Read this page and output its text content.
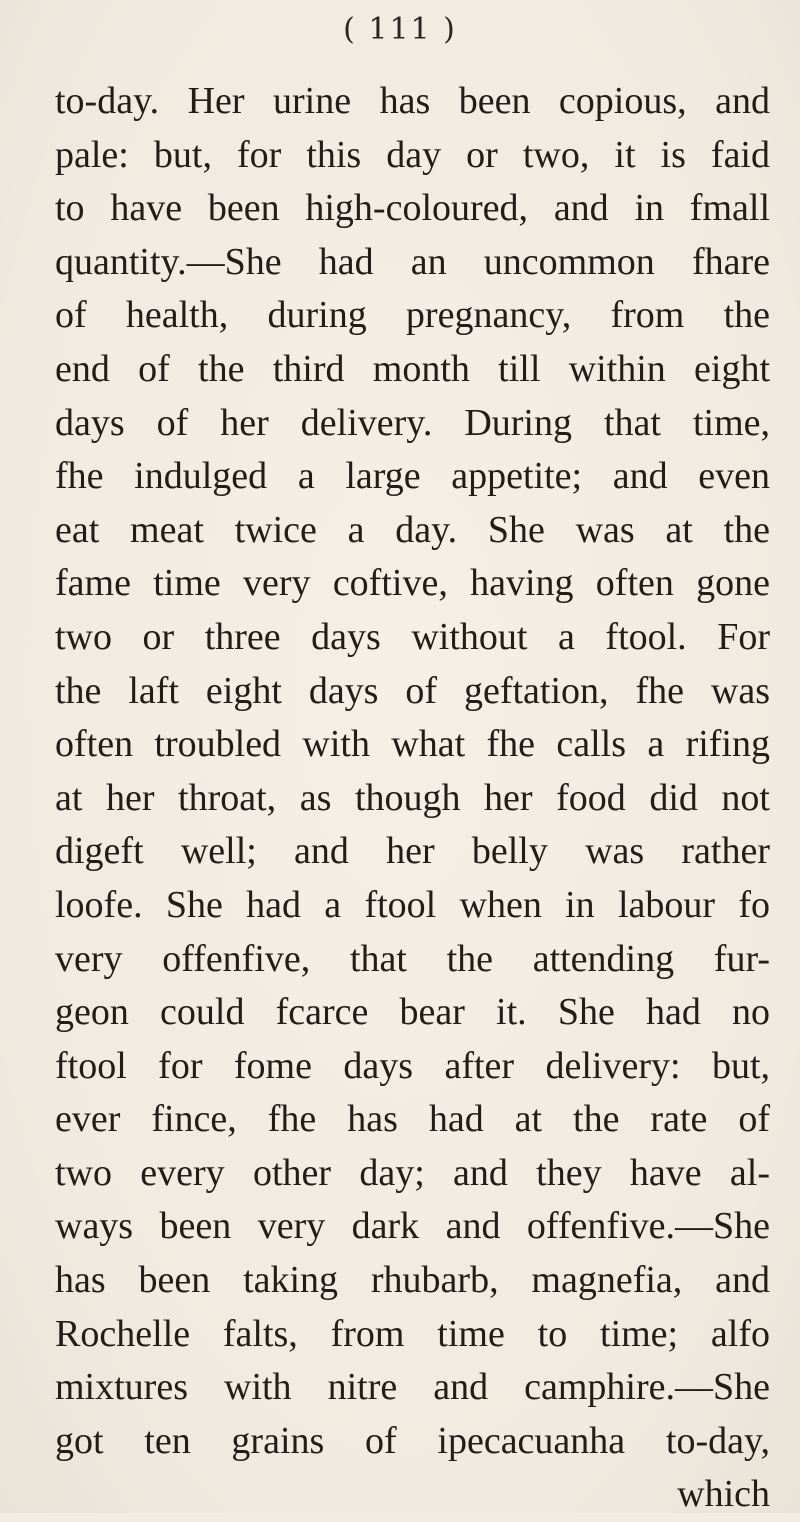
( 111 )
to-day. Her urine has been copious, and
pale: but, for this day or two, it is faid
to have been high-coloured, and in fmall
quantity.—She had an uncommon fhare
of health, during pregnancy, from the
end of the third month till within eight
days of her delivery. During that time,
fhe indulged a large appetite; and even
eat meat twice a day. She was at the
fame time very coftive, having often gone
two or three days without a ftool. For
the laft eight days of geftation, fhe was
often troubled with what fhe calls a rifing
at her throat, as though her food did not
digeft well; and her belly was rather
loofe. She had a ftool when in labour fo
very offenfive, that the attending fur-
geon could fcarce bear it. She had no
ftool for fome days after delivery: but,
ever fince, fhe has had at the rate of
two every other day; and they have al-
ways been very dark and offenfive.—She
has been taking rhubarb, magnefia, and
Rochelle falts, from time to time; alfo
mixtures with nitre and camphire.—She
got ten grains of ipecacuanha to-day,
which
